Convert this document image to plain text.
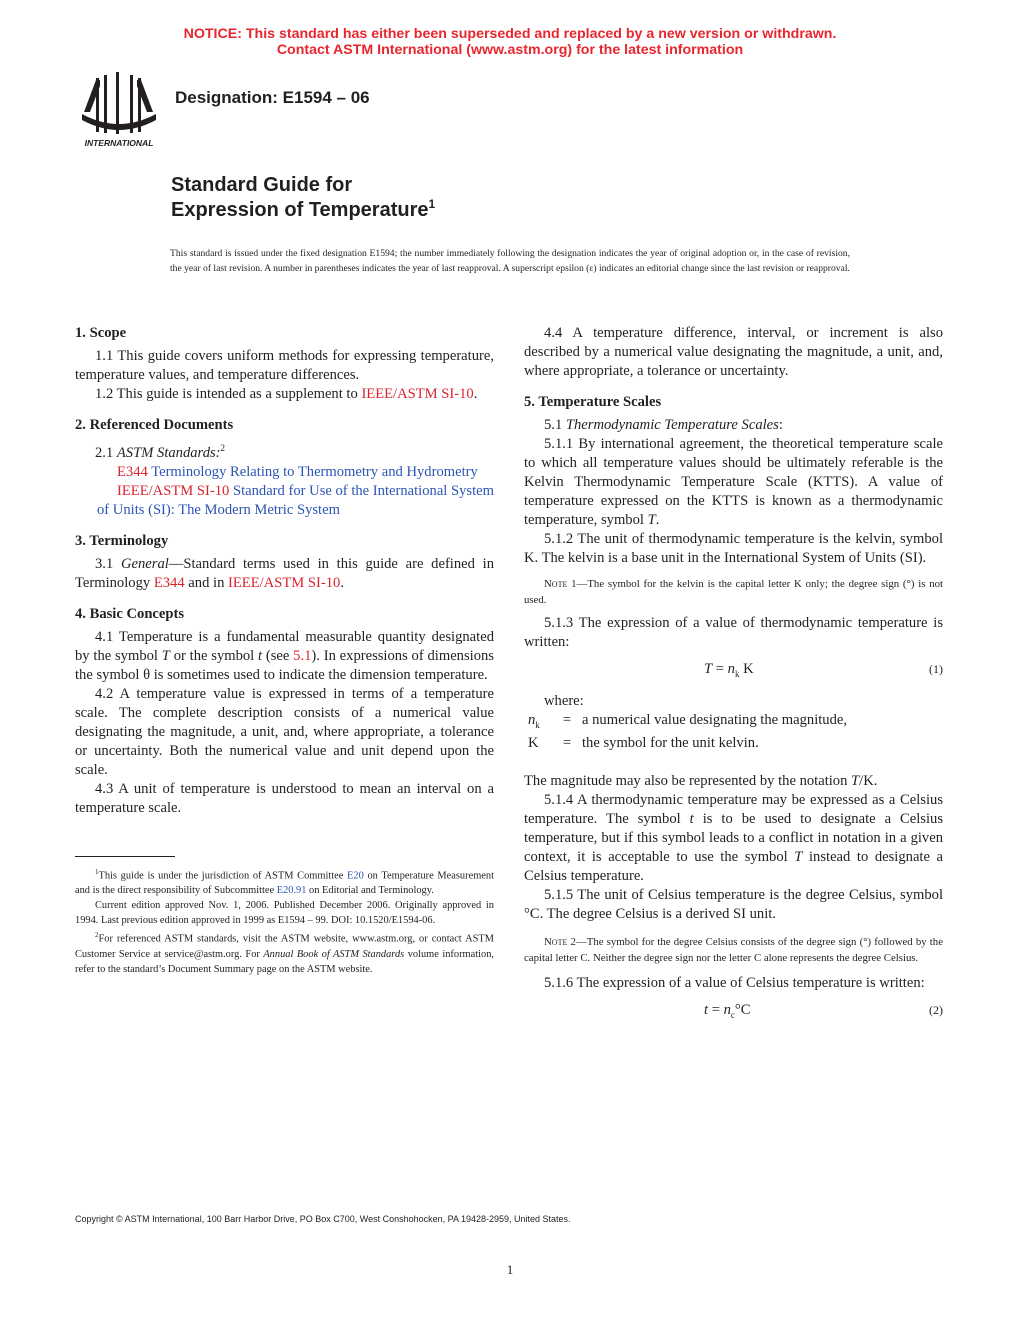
NOTICE: This standard has either been superseded and replaced by a new version or withdrawn.
Contact ASTM International (www.astm.org) for the latest information
INTERNATIONAL
Designation: E1594 – 06
Standard Guide for
Expression of Temperature$^1$
This standard is issued under the fixed designation E1594; the number immediately following the designation indicates the year of original adoption or, in the case of revision, the year of last revision. A number in parentheses indicates the year of last reapproval. A superscript epsilon (ε) indicates an editorial change since the last revision or reapproval.
1. Scope

1.1 This guide covers uniform methods for expressing temperature, temperature values, and temperature differences.

1.2 This guide is intended as a supplement to IEEE/ASTM SI-10.

2. Referenced Documents

2.1 ASTM Standards:$^2$

E344 Terminology Relating to Thermometry and Hydrometry

IEEE/ASTM SI-10 Standard for Use of the International System of Units (SI): The Modern Metric System

3. Terminology

3.1 General—Standard terms used in this guide are defined in Terminology E344 and in IEEE/ASTM SI-10.

4. Basic Concepts

4.1 Temperature is a fundamental measurable quantity designated by the symbol T or the symbol t (see 5.1). In expressions of dimensions the symbol θ is sometimes used to indicate the dimension temperature.

4.2 A temperature value is expressed in terms of a temperature scale. The complete description consists of a numerical value designating the magnitude, a unit, and, where appropriate, a tolerance or uncertainty. Both the numerical value and unit depend upon the scale.

4.3 A unit of temperature is understood to mean an interval on a temperature scale.

$^1$This guide is under the jurisdiction of ASTM Committee E20 on Temperature Measurement and is the direct responsibility of Subcommittee E20.91 on Editorial and Terminology.

Current edition approved Nov. 1, 2006. Published December 2006. Originally approved in 1994. Last previous edition approved in 1999 as E1594 – 99. DOI: 10.1520/E1594-06.

$^2$For referenced ASTM standards, visit the ASTM website, www.astm.org, or contact ASTM Customer Service at service@astm.org. For Annual Book of ASTM Standards volume information, refer to the standard’s Document Summary page on the ASTM website.

4.4 A temperature difference, interval, or increment is also described by a numerical value designating the magnitude, a unit, and, where appropriate, a tolerance or uncertainty.

5. Temperature Scales

5.1 Thermodynamic Temperature Scales:

5.1.1 By international agreement, the theoretical temperature scale to which all temperature values should be ultimately referable is the Kelvin Thermodynamic Temperature Scale (KTTS). A value of temperature expressed on the KTTS is known as a thermodynamic temperature, symbol T.

5.1.2 The unit of thermodynamic temperature is the kelvin, symbol K. The kelvin is a base unit in the International System of Units (SI).

Note 1—The symbol for the kelvin is the capital letter K only; the degree sign (°) is not used.

5.1.3 The expression of a value of thermodynamic temperature is written:

$T = n_k$ K	(1)

where:

$n_k$	=	a numerical value designating the magnitude,
K	=	the symbol for the unit kelvin.

The magnitude may also be represented by the notation T/K.

5.1.4 A thermodynamic temperature may be expressed as a Celsius temperature. The symbol t is to be used to designate a Celsius temperature, but if this symbol leads to a conflict in notation in a given context, it is acceptable to use the symbol T instead to designate a Celsius temperature.

5.1.5 The unit of Celsius temperature is the degree Celsius, symbol °C. The degree Celsius is a derived SI unit.

Note 2—The symbol for the degree Celsius consists of the degree sign (°) followed by the capital letter C. Neither the degree sign nor the letter C alone represents the degree Celsius.

5.1.6 The expression of a value of Celsius temperature is written:

$t = n_c^\circ C$	(2)
Copyright © ASTM International, 100 Barr Harbor Drive, PO Box C700, West Conshohocken, PA 19428-2959, United States.
1
